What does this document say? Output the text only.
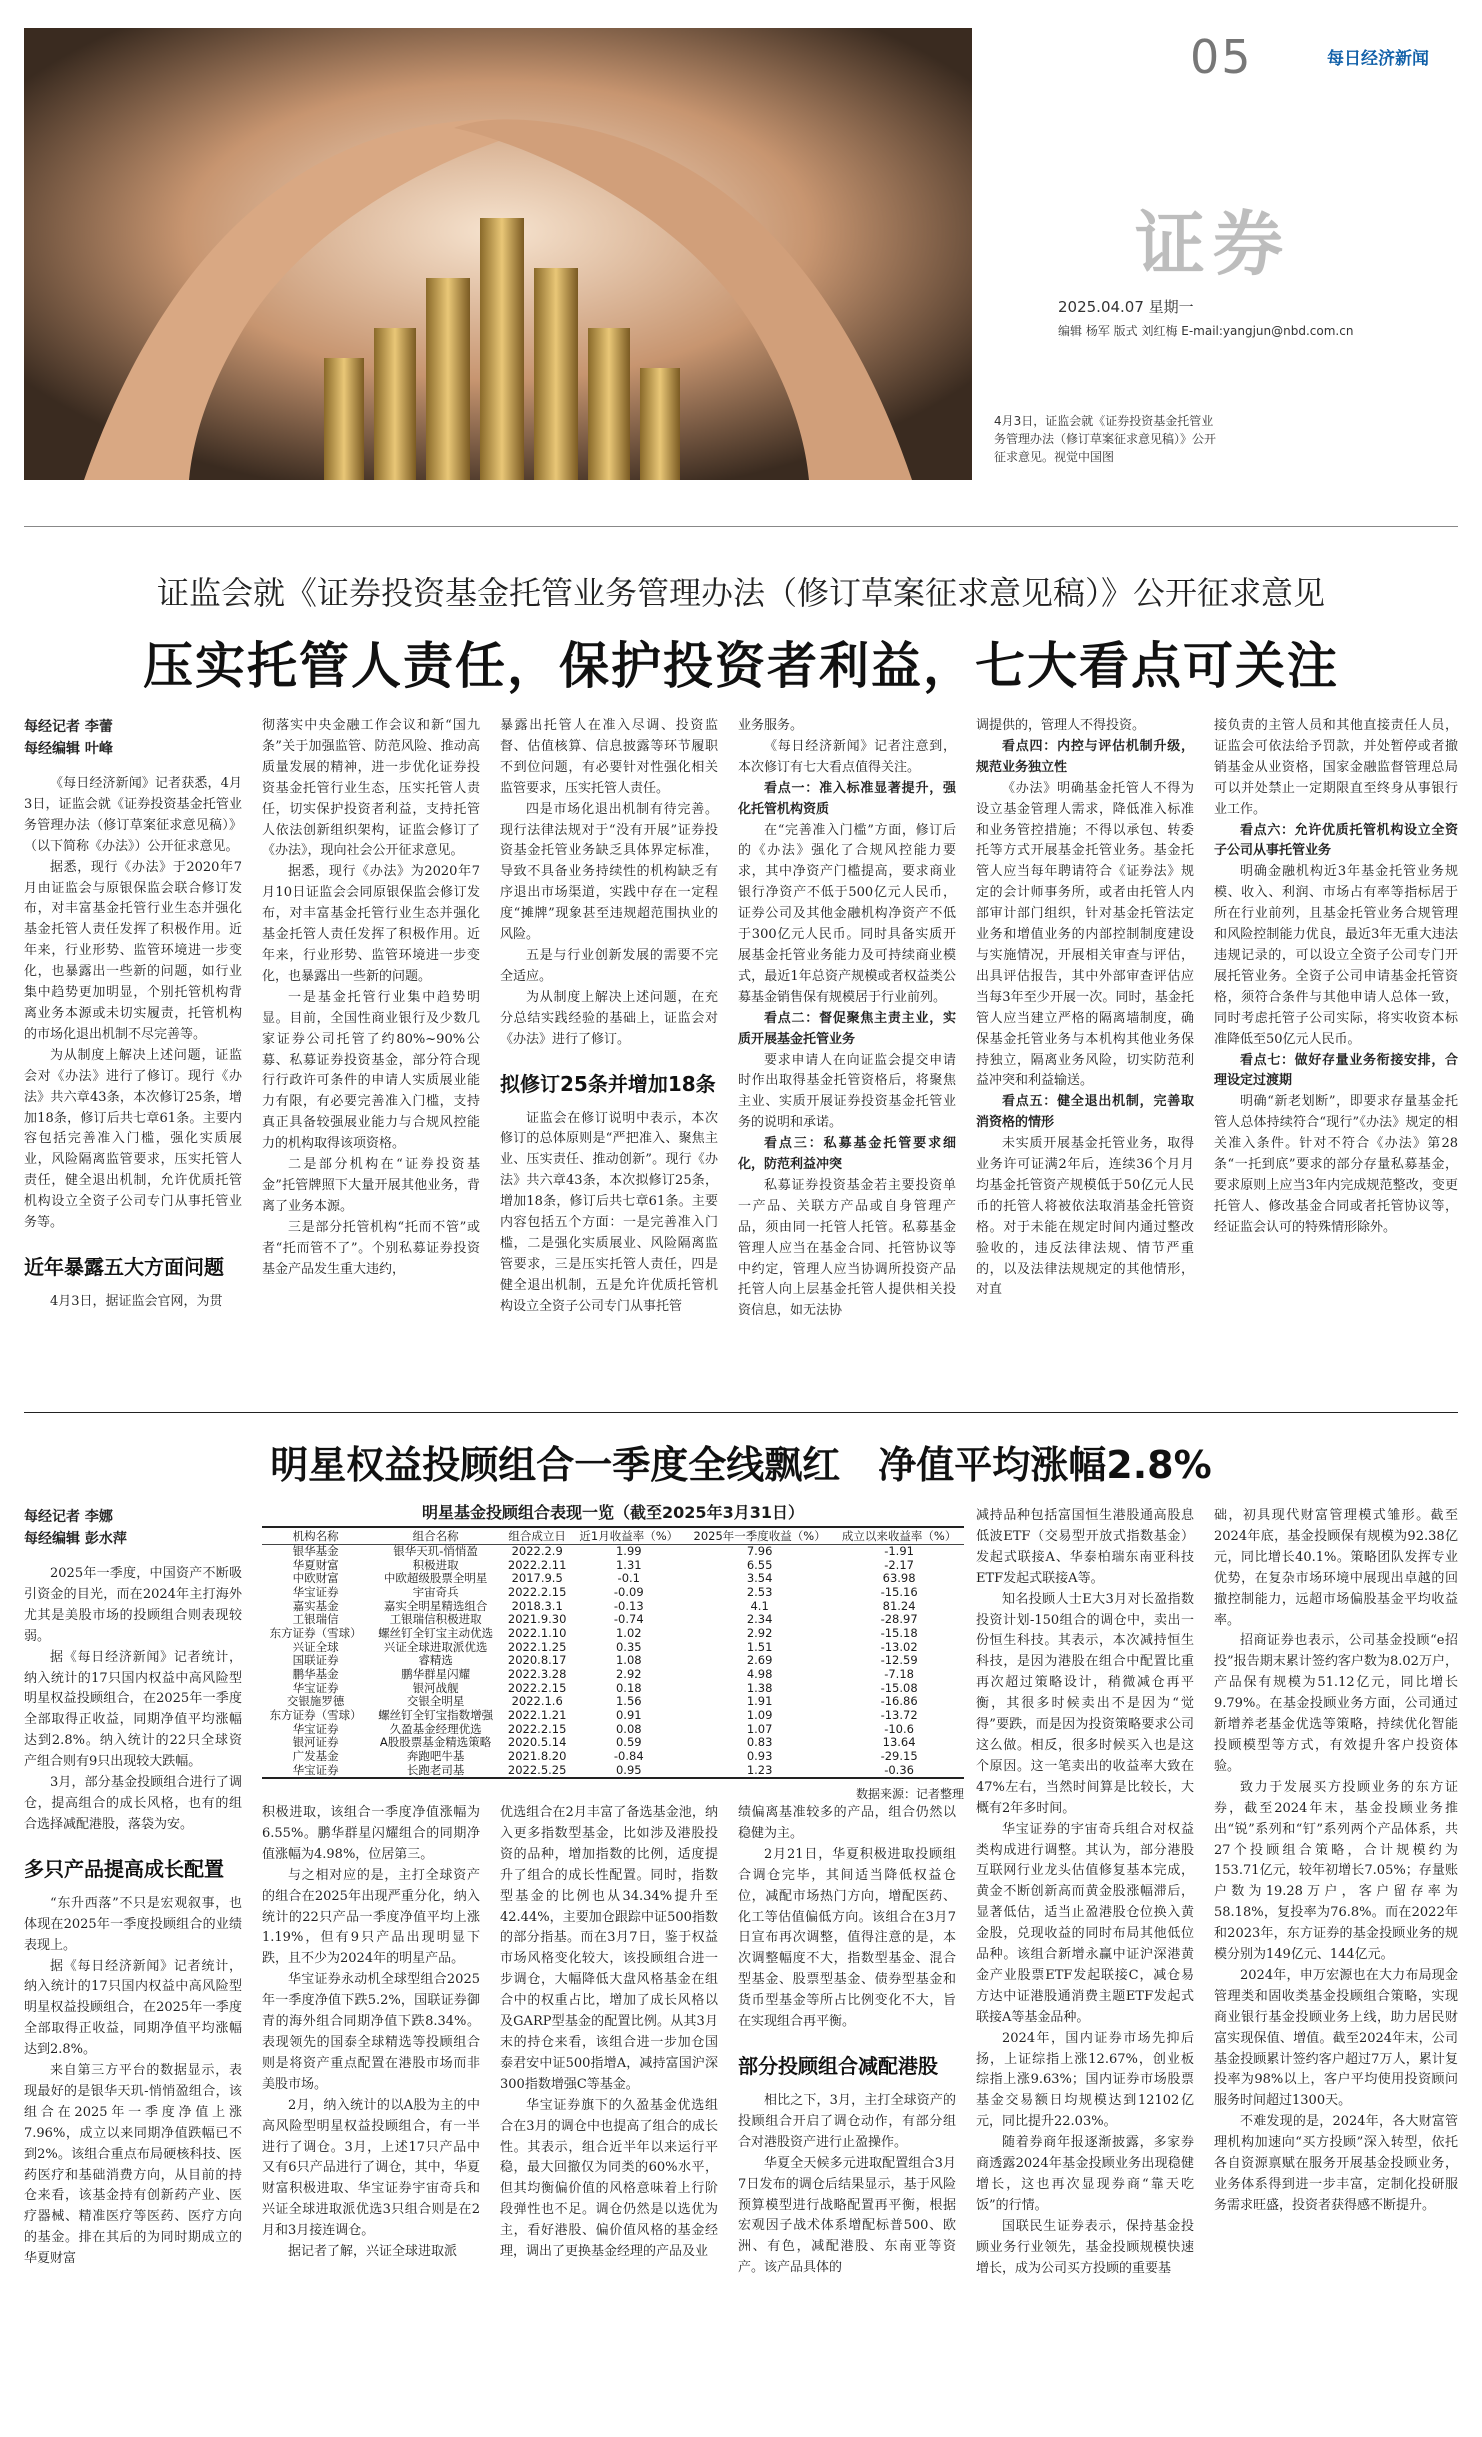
05	每日经济新闻
证券
2025.04.07 星期一
编辑 杨军 版式 刘红梅 E-mail:yangjun@nbd.com.cn
4月3日，证监会就《证券投资基金托管业务管理办法（修订草案征求意见稿）》公开征求意见。视觉中国图
证监会就《证券投资基金托管业务管理办法（修订草案征求意见稿）》公开征求意见
压实托管人责任，保护投资者利益，七大看点可关注

每经记者 李蕾

每经编辑 叶峰

《每日经济新闻》记者获悉，4月3日，证监会就《证券投资基金托管业务管理办法（修订草案征求意见稿）》（以下简称《办法》）公开征求意见。

据悉，现行《办法》于2020年7月由证监会与原银保监会联合修订发布，对丰富基金托管行业生态并强化基金托管人责任发挥了积极作用。近年来，行业形势、监管环境进一步变化，也暴露出一些新的问题，如行业集中趋势更加明显，个别托管机构背离业务本源或未切实履责，托管机构的市场化退出机制不尽完善等。

为从制度上解决上述问题，证监会对《办法》进行了修订。现行《办法》共六章43条，本次修订25条，增加18条，修订后共七章61条。主要内容包括完善准入门槛，强化实质展业，风险隔离监管要求，压实托管人责任，健全退出机制，允许优质托管机构设立全资子公司专门从事托管业务等。

近年暴露五大方面问题

4月3日，据证监会官网，为贯

彻落实中央金融工作会议和新“国九条”关于加强监管、防范风险、推动高质量发展的精神，进一步优化证券投资基金托管行业生态，压实托管人责任，切实保护投资者利益，支持托管人依法创新组织架构，证监会修订了《办法》，现向社会公开征求意见。

据悉，现行《办法》为2020年7月10日证监会会同原银保监会修订发布，对丰富基金托管行业生态并强化基金托管人责任发挥了积极作用。近年来，行业形势、监管环境进一步变化，也暴露出一些新的问题。

一是基金托管行业集中趋势明显。目前，全国性商业银行及少数几家证券公司托管了约80%~90%公募、私募证券投资基金，部分符合现行行政许可条件的申请人实质展业能力有限，有必要完善准入门槛，支持真正具备较强展业能力与合规风控能力的机构取得该项资格。

二是部分机构在“证券投资基金”托管牌照下大量开展其他业务，背离了业务本源。

三是部分托管机构“托而不管”或者“托而管不了”。个别私募证券投资基金产品发生重大违约，

暴露出托管人在准入尽调、投资监督、估值核算、信息披露等环节履职不到位问题，有必要针对性强化相关监管要求，压实托管人责任。

四是市场化退出机制有待完善。现行法律法规对于“没有开展”证券投资基金托管业务缺乏具体界定标准，导致不具备业务持续性的机构缺乏有序退出市场渠道，实践中存在一定程度“摊牌”现象甚至违规超范围执业的风险。

五是与行业创新发展的需要不完全适应。

为从制度上解决上述问题，在充分总结实践经验的基础上，证监会对《办法》进行了修订。

拟修订25条并增加18条

证监会在修订说明中表示，本次修订的总体原则是“严把准入、聚焦主业、压实责任、推动创新”。现行《办法》共六章43条，本次拟修订25条，增加18条，修订后共七章61条。主要内容包括五个方面：一是完善准入门槛，二是强化实质展业、风险隔离监管要求，三是压实托管人责任，四是健全退出机制，五是允许优质托管机构设立全资子公司专门从事托管

业务服务。

《每日经济新闻》记者注意到，本次修订有七大看点值得关注。

看点一：准入标准显著提升，强化托管机构资质

在“完善准入门槛”方面，修订后的《办法》强化了合规风控能力要求，其中净资产门槛提高，要求商业银行净资产不低于500亿元人民币，证券公司及其他金融机构净资产不低于300亿元人民币。同时具备实质开展基金托管业务能力及可持续商业模式，最近1年总资产规模或者权益类公募基金销售保有规模居于行业前列。

看点二：督促聚焦主责主业，实质开展基金托管业务

要求申请人在向证监会提交申请时作出取得基金托管资格后，将聚焦主业、实质开展证券投资基金托管业务的说明和承诺。

看点三：私募基金托管要求细化，防范利益冲突

私募证券投资基金若主要投资单一产品、关联方产品或自身管理产品，须由同一托管人托管。私募基金管理人应当在基金合同、托管协议等中约定，管理人应当协调所投资产品托管人向上层基金托管人提供相关投资信息，如无法协

调提供的，管理人不得投资。

看点四：内控与评估机制升级，规范业务独立性

《办法》明确基金托管人不得为设立基金管理人需求，降低准入标准和业务管控措施；不得以承包、转委托等方式开展基金托管业务。基金托管人应当每年聘请符合《证券法》规定的会计师事务所，或者由托管人内部审计部门组织，针对基金托管法定业务和增值业务的内部控制制度建设与实施情况，开展相关审查与评估，出具评估报告，其中外部审查评估应当每3年至少开展一次。同时，基金托管人应当建立严格的隔离墙制度，确保基金托管业务与本机构其他业务保持独立，隔离业务风险，切实防范利益冲突和利益输送。

看点五：健全退出机制，完善取消资格的情形

未实质开展基金托管业务，取得业务许可证满2年后，连续36个月月均基金托管资产规模低于50亿元人民币的托管人将被依法取消基金托管资格。对于未能在规定时间内通过整改验收的，违反法律法规、情节严重的，以及法律法规规定的其他情形，对直

接负责的主管人员和其他直接责任人员，证监会可依法给予罚款，并处暂停或者撤销基金从业资格，国家金融监督管理总局可以并处禁止一定期限直至终身从事银行业工作。

看点六：允许优质托管机构设立全资子公司从事托管业务

明确金融机构近3年基金托管业务规模、收入、利润、市场占有率等指标居于所在行业前列，且基金托管业务合规管理和风险控制能力优良，最近3年无重大违法违规记录的，可以设立全资子公司专门开展托管业务。全资子公司申请基金托管资格，须符合条件与其他申请人总体一致，同时考虑托管子公司实际，将实收资本标准降低至50亿元人民币。

看点七：做好存量业务衔接安排，合理设定过渡期

明确“新老划断”，即要求存量基金托管人总体持续符合“现行”《办法》规定的相关准入条件。针对不符合《办法》第28条“一托到底”要求的部分存量私募基金，要求原则上应当3年内完成规范整改，变更托管人、修改基金合同或者托管协议等，经证监会认可的特殊情形除外。

明星权益投顾组合一季度全线飘红　净值平均涨幅2.8%

每经记者 李娜

每经编辑 彭水萍

2025年一季度，中国资产不断吸引资金的目光，而在2024年主打海外尤其是美股市场的投顾组合则表现较弱。

据《每日经济新闻》记者统计，纳入统计的17只国内权益中高风险型明星权益投顾组合，在2025年一季度全部取得正收益，同期净值平均涨幅达到2.8%。纳入统计的22只全球资产组合则有9只出现较大跌幅。

3月，部分基金投顾组合进行了调仓，提高组合的成长风格，也有的组合选择减配港股，落袋为安。

多只产品提高成长配置

“东升西落”不只是宏观叙事，也体现在2025年一季度投顾组合的业绩表现上。

据《每日经济新闻》记者统计，纳入统计的17只国内权益中高风险型明星权益投顾组合，在2025年一季度全部取得正收益，同期净值平均涨幅达到2.8%。

来自第三方平台的数据显示，表现最好的是银华天玑-悄悄盈组合，该组合在2025年一季度净值上涨7.96%，成立以来同期净值跌幅已不到2%。该组合重点布局硬核科技、医药医疗和基础消费方向，从目前的持仓来看，该基金持有创新药产业、医疗器械、精准医疗等医药、医疗方向的基金。排在其后的为同时期成立的华夏财富

明星基金投顾组合表现一览（截至2025年3月31日）
机构名称	组合名称	组合成立日	近1月收益率（%）	2025年一季度收益（%）	成立以来收益率（%）
银华基金	银华天玑-悄悄盈	2022.2.9	1.99	7.96	-1.91
华夏财富	积极进取	2022.2.11	1.31	6.55	-2.17
中欧财富	中欧超级股票全明星	2017.9.5	-0.1	3.54	63.98
华宝证券	宇宙奇兵	2022.2.15	-0.09	2.53	-15.16
嘉实基金	嘉实全明星精选组合	2018.3.1	-0.13	4.1	81.24
工银瑞信	工银瑞信积极进取	2021.9.30	-0.74	2.34	-28.97
东方证券（雪球）	螺丝钉全钉宝主动优选	2022.1.10	1.02	2.92	-15.18
兴证全球	兴证全球进取派优选	2022.1.25	0.35	1.51	-13.02
国联证券	睿精选	2020.8.17	1.08	2.69	-12.59
鹏华基金	鹏华群星闪耀	2022.3.28	2.92	4.98	-7.18
华宝证券	银河战舰	2022.2.15	0.18	1.38	-15.08
交银施罗德	交银全明星	2022.1.6	1.56	1.91	-16.86
东方证券（雪球）	螺丝钉全钉宝指数增强	2022.1.21	0.91	1.09	-13.72
华宝证券	久盈基金经理优选	2022.2.15	0.08	1.07	-10.6
银河证券	A股股票基金精选策略	2020.5.14	0.59	0.83	13.64
广发基金	奔跑吧牛基	2021.8.20	-0.84	0.93	-29.15
华宝证券	长跑老司基	2022.5.25	0.95	1.23	-0.36
数据来源：记者整理

积极进取，该组合一季度净值涨幅为6.55%。鹏华群星闪耀组合的同期净值涨幅为4.98%，位居第三。

与之相对应的是，主打全球资产的组合在2025年出现严重分化，纳入统计的22只产品一季度净值平均上涨1.19%，但有9只产品出现明显下跌，且不少为2024年的明星产品。

华宝证券永动机全球型组合2025年一季度净值下跌5.2%，国联证券御青的海外组合同期净值下跌8.34%。表现领先的国泰全球精选等投顾组合则是将资产重点配置在港股市场而非美股市场。

2月，纳入统计的以A股为主的中高风险型明星权益投顾组合，有一半进行了调仓。3月，上述17只产品中又有6只产品进行了调仓，其中，华夏财富积极进取、华宝证券宇宙奇兵和兴证全球进取派优选3只组合则是在2月和3月接连调仓。

据记者了解，兴证全球进取派

优选组合在2月丰富了备选基金池，纳入更多指数型基金，比如涉及港股投资的品种，增加指数的比例，适度提升了组合的成长性配置。同时，指数型基金的比例也从34.34%提升至42.44%，主要加仓跟踪中证500指数的部分指基。而在3月7日，鉴于权益市场风格变化较大，该投顾组合进一步调仓，大幅降低大盘风格基金在组合中的权重占比，增加了成长风格以及GARP型基金的配置比例。从其3月末的持仓来看，该组合进一步加仓国泰君安中证500指增A，减持富国沪深300指数增强C等基金。

华宝证券旗下的久盈基金优选组合在3月的调仓中也提高了组合的成长性。其表示，组合近半年以来运行平稳，最大回撤仅为同类的60%水平，但其均衡偏价值的风格意味着上行阶段弹性也不足。调仓仍然是以选优为主，看好港股、偏价值风格的基金经理，调出了更换基金经理的产品及业

绩偏离基准较多的产品，组合仍然以稳健为主。

2月21日，华夏积极进取投顾组合调仓完毕，其间适当降低权益仓位，减配市场热门方向，增配医药、化工等估值偏低方向。该组合在3月7日宣布再次调整，值得注意的是，本次调整幅度不大，指数型基金、混合型基金、股票型基金、债券型基金和货币型基金等所占比例变化不大，旨在实现组合再平衡。

部分投顾组合减配港股

相比之下，3月，主打全球资产的投顾组合开启了调仓动作，有部分组合对港股资产进行止盈操作。

华夏全天候多元进取配置组合3月7日发布的调仓后结果显示，基于风险预算模型进行战略配置再平衡，根据宏观因子战术体系增配标普500、欧洲、有色，减配港股、东南亚等资产。该产品具体的

减持品种包括富国恒生港股通高股息低波ETF（交易型开放式指数基金）发起式联接A、华泰柏瑞东南亚科技ETF发起式联接A等。

知名投顾人士E大3月对长盈指数投资计划-150组合的调仓中，卖出一份恒生科技。其表示，本次减持恒生科技，是因为港股在组合中配置比重再次超过策略设计，稍微减仓再平衡，其很多时候卖出不是因为“觉得”要跌，而是因为投资策略要求公司这么做。相反，很多时候买入也是这个原因。这一笔卖出的收益率大致在47%左右，当然时间算是比较长，大概有2年多时间。

华宝证券的宇宙奇兵组合对权益类构成进行调整。其认为，部分港股互联网行业龙头估值修复基本完成，黄金不断创新高而黄金股涨幅滞后，显著低估，适当止盈港股仓位换入黄金股，兑现收益的同时布局其他低位品种。该组合新增永赢中证沪深港黄金产业股票ETF发起联接C，减仓易方达中证港股通消费主题ETF发起式联接A等基金品种。

2024年，国内证券市场先抑后扬，上证综指上涨12.67%，创业板综指上涨9.63%；国内证券市场股票基金交易额日均规模达到12102亿元，同比提升22.03%。

随着券商年报逐渐披露，多家券商透露2024年基金投顾业务出现稳健增长，这也再次显现券商“靠天吃饭”的行情。

国联民生证券表示，保持基金投顾业务行业领先，基金投顾规模快速增长，成为公司买方投顾的重要基

础，初具现代财富管理模式雏形。截至2024年底，基金投顾保有规模为92.38亿元，同比增长40.1%。策略团队发挥专业优势，在复杂市场环境中展现出卓越的回撤控制能力，远超市场偏股基金平均收益率。

招商证券也表示，公司基金投顾“e招投”报告期末累计签约客户数为8.02万户，产品保有规模为51.12亿元，同比增长9.79%。在基金投顾业务方面，公司通过新增养老基金优选等策略，持续优化智能投顾模型等方式，有效提升客户投资体验。

致力于发展买方投顾业务的东方证券，截至2024年末，基金投顾业务推出“锐”系列和“钉”系列两个产品体系，共27个投顾组合策略，合计规模约为153.71亿元，较年初增长7.05%；存量账户数为19.28万户，客户留存率为58.18%，复投率为76.8%。而在2022年和2023年，东方证券的基金投顾业务的规模分别为149亿元、144亿元。

2024年，申万宏源也在大力布局现金管理类和固收类基金投顾组合策略，实现商业银行基金投顾业务上线，助力居民财富实现保值、增值。截至2024年末，公司基金投顾累计签约客户超过7万人，累计复投率为98%以上，客户平均使用投资顾问服务时间超过1300天。

不难发现的是，2024年，各大财富管理机构加速向“买方投顾”深入转型，依托各自资源禀赋在服务开展基金投顾业务，业务体系得到进一步丰富，定制化投研服务需求旺盛，投资者获得感不断提升。
